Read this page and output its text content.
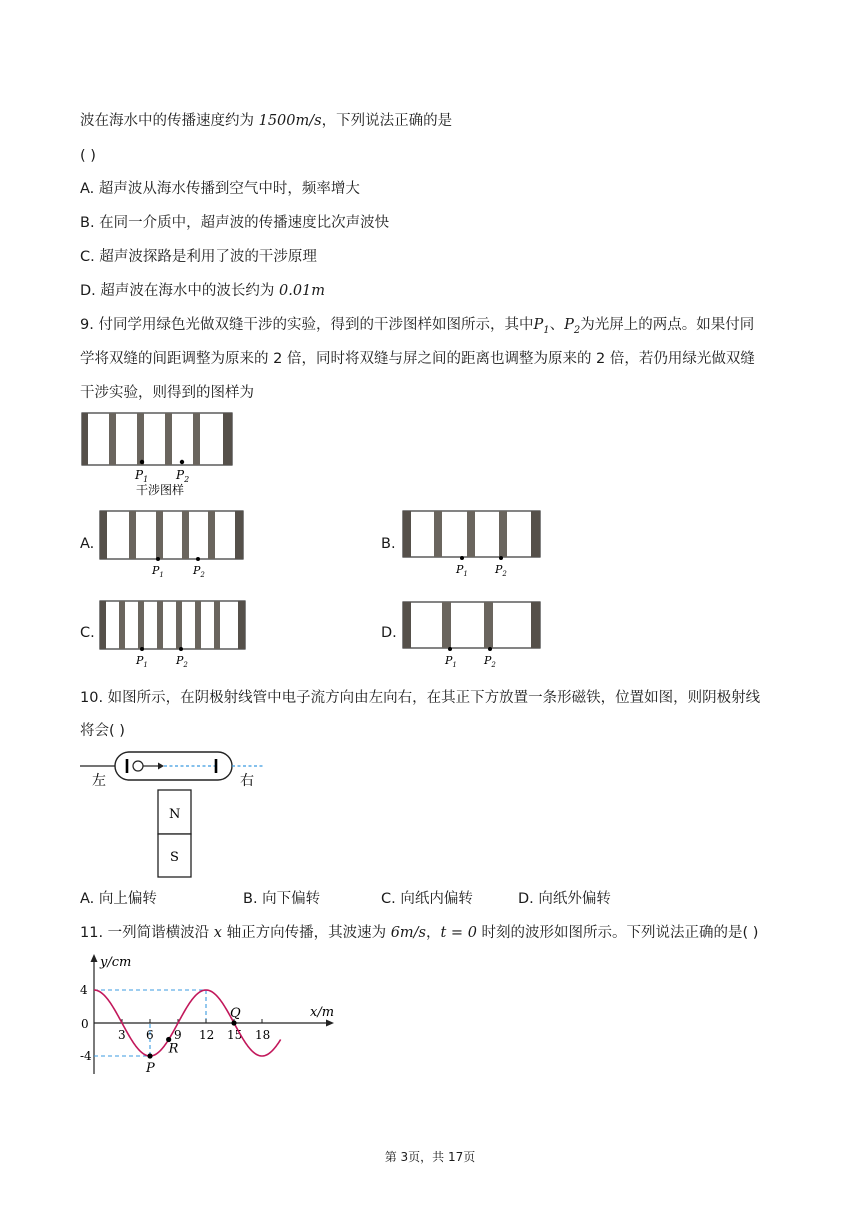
波在海水中的传播速度约为 1500m/s，下列说法正确的是
( )
A. 超声波从海水传播到空气中时，频率增大
B. 在同一介质中，超声波的传播速度比次声波快
C. 超声波探路是利用了波的干涉原理
D. 超声波在海水中的波长约为 0.01m
9. 付同学用绿色光做双缝干涉的实验，得到的干涉图样如图所示，其中$P_1$、$P_2$为光屏上的两点。如果付同
学将双缝的间距调整为原来的 2 倍，同时将双缝与屏之间的距离也调整为原来的 2 倍，若仍用绿光做双缝
干涉实验，则得到的图样为
$P_1$ $P_2$
干涉图样
A.
$P_1$	$P_2$
B.
$P_1$ $P_2$
C.
$P_1$	$P_2$
D.
$P_1$ $P_2$
10. 如图所示，在阴极射线管中电子流方向由左向右，在其正下方放置一条形磁铁，位置如图，则阴极射线
将会( )
左	右
N
S
A. 向上偏转	B. 向下偏转	C. 向纸内偏转	D. 向纸外偏转
11. 一列简谐横波沿 x 轴正方向传播，其波速为 6m/s，t = 0 时刻的波形如图所示。下列说法正确的是( )
y/cm
x/m
0
4
-4
3 6 9 12 15 18
P
R
Q
第 3页，共 17页
